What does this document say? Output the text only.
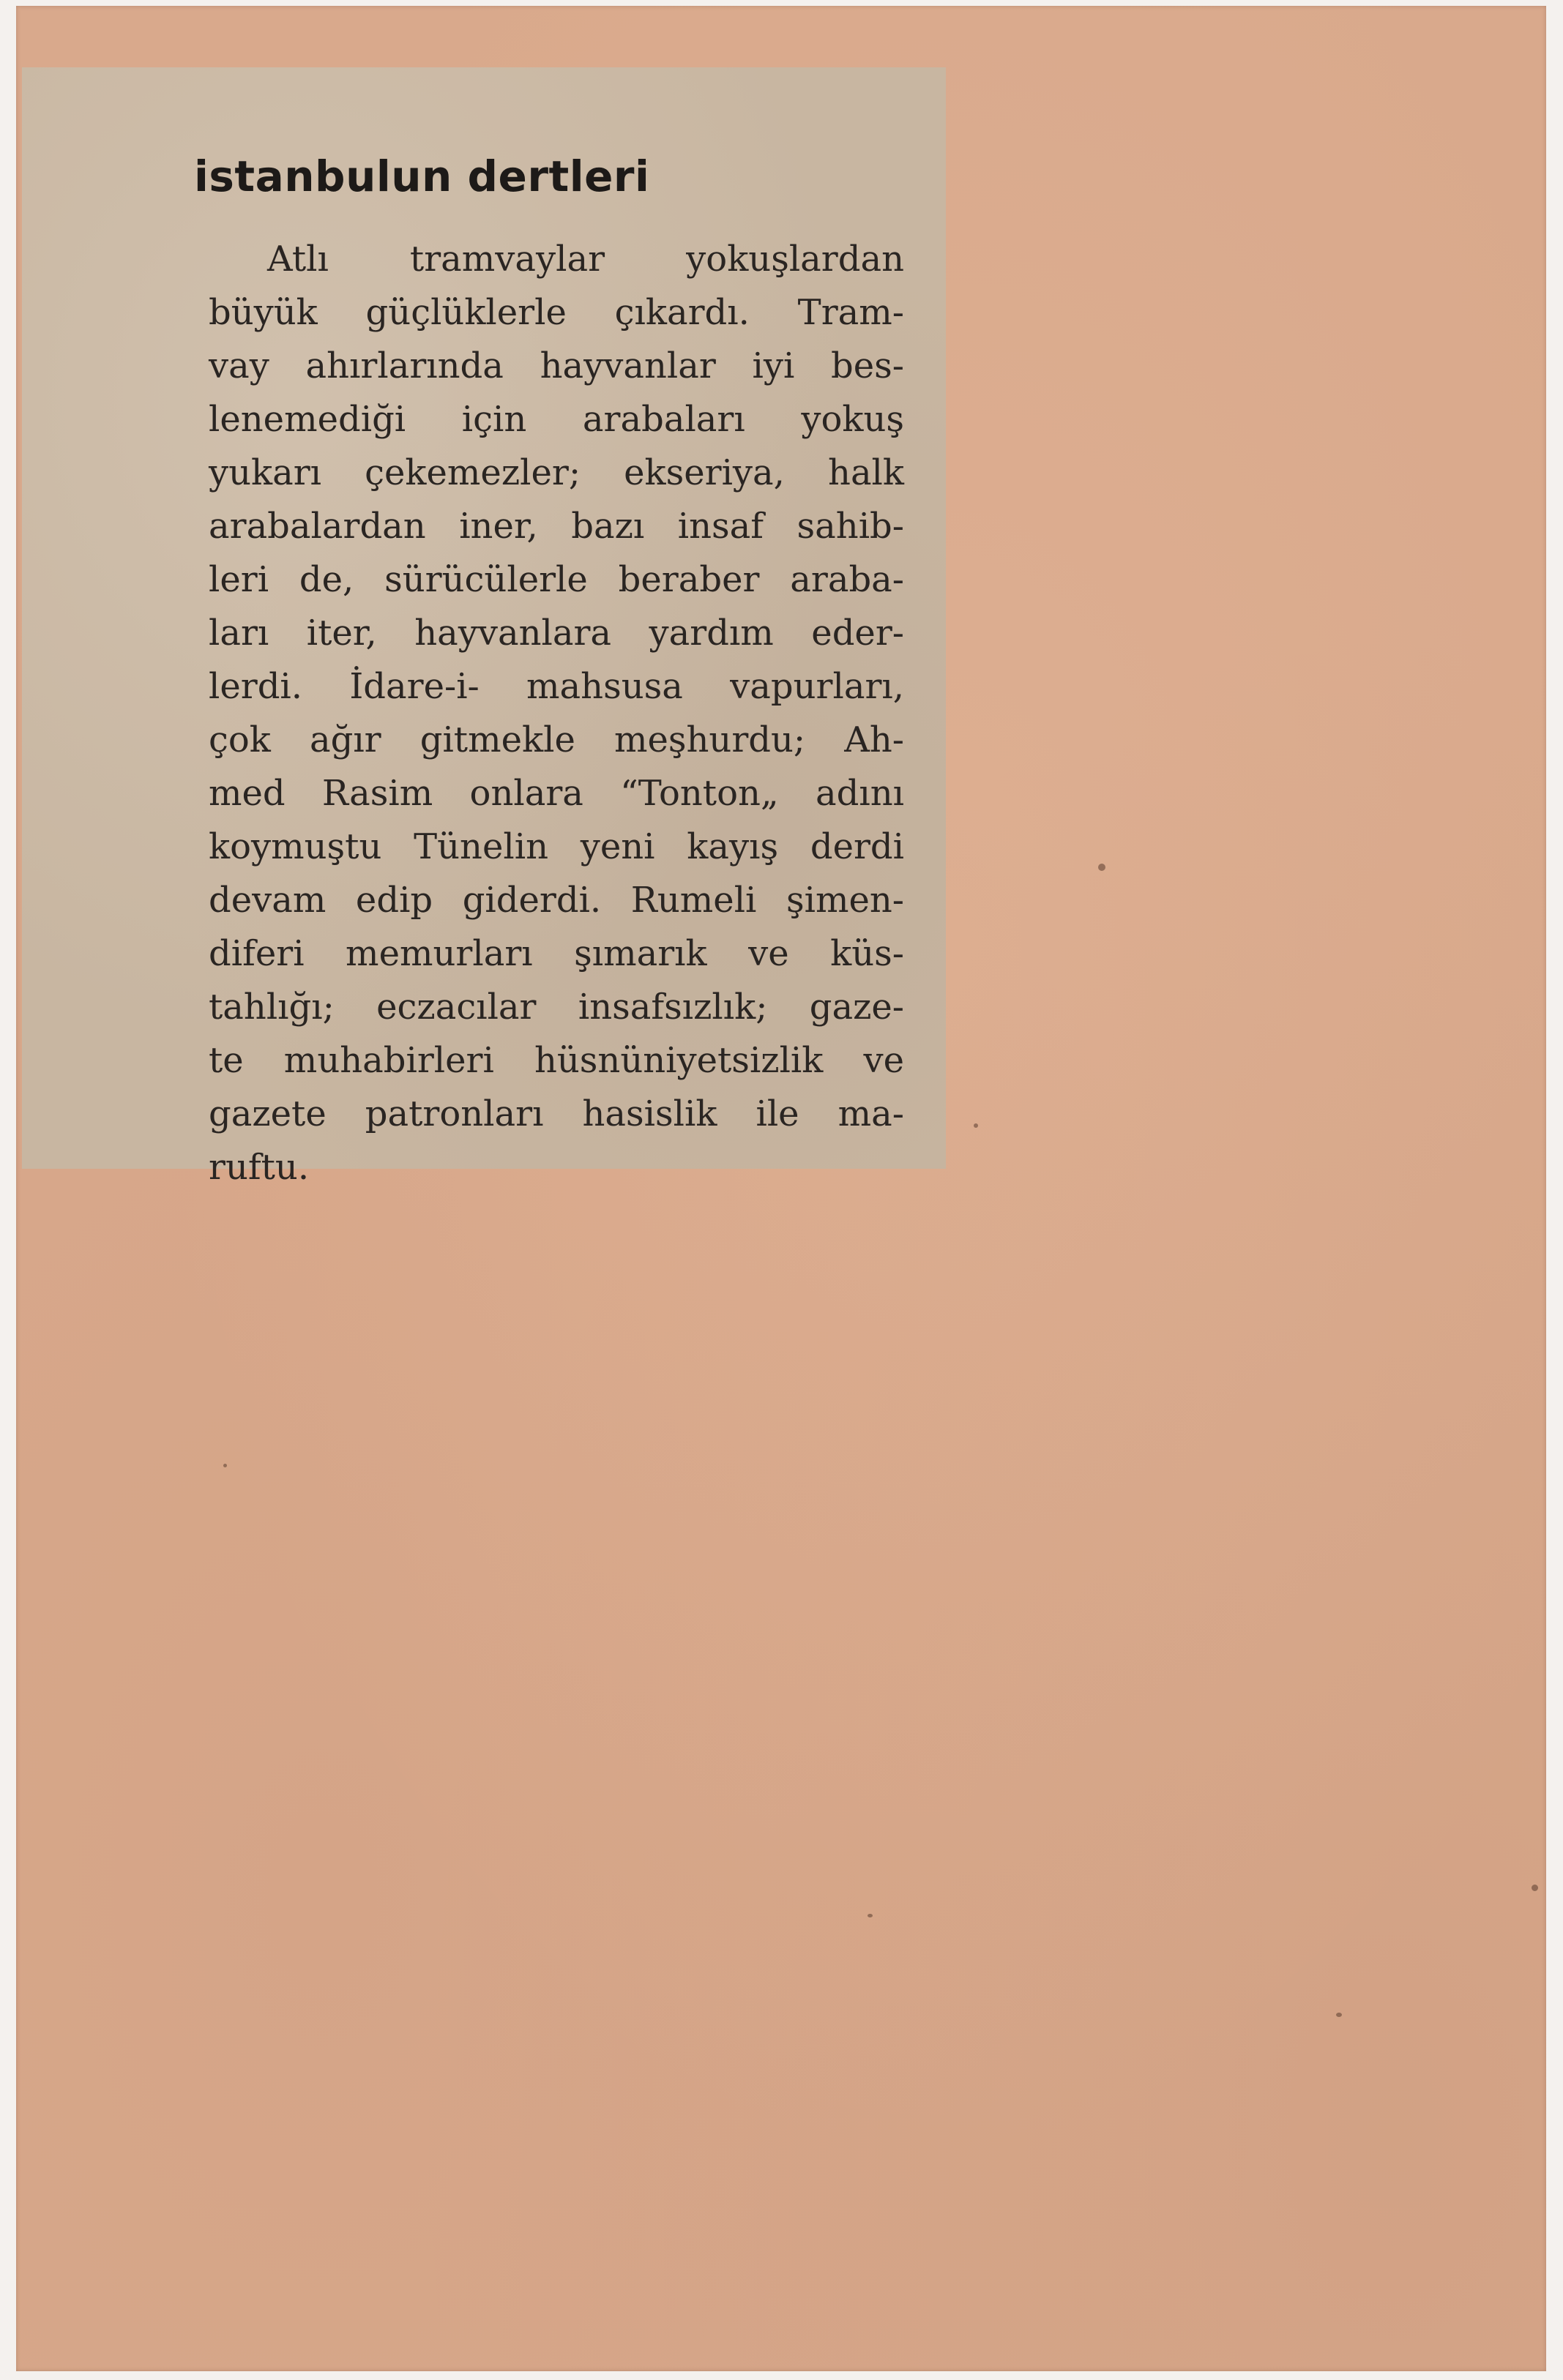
istanbulun dertleri
Atlı tramvaylar yokuşlardan
büyük güçlüklerle çıkardı. Tram-
vay ahırlarında hayvanlar iyi bes-
lenemediği için arabaları yokuş
yukarı çekemezler; ekseriya, halk
arabalardan iner, bazı insaf sahib-
leri de, sürücülerle beraber araba-
ları iter, hayvanlara yardım eder-
lerdi. İdare-i- mahsusa vapurları,
çok ağır gitmekle meşhurdu; Ah-
med Rasim onlara “Tonton„ adını
koymuştu Tünelin yeni kayış derdi
devam edip giderdi. Rumeli şimen-
diferi memurları şımarık ve küs-
tahlığı; eczacılar insafsızlık; gaze-
te muhabirleri hüsnüniyetsizlik ve
gazete patronları hasislik ile ma-
ruftu.
